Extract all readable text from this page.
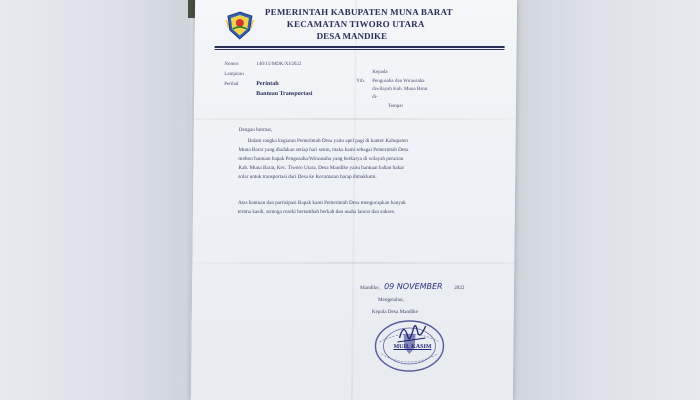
PEMERINTAH KABUPATEN MUNA BARAT
KECAMATAN TIWORO UTARA
DESA MANDIKE
Nomor	140/15/MDK/XI/2022
Lampiran
Perihal	Perintah
Bantuan Transportasi
Kepada
Yth. Pengusaha dan Wirausaha
diwilayah Kab. Muna Barat
di-
Tempat
Dengan hormat,
Dalam rangka kegiatan Pemerintah Desa yaitu apel pagi di kantor Kabupaten
Muna Barat yang diadakan setiap hari senin, maka kami sebagai Pemerintah Desa
mohon bantuan bapak Pengusaha/Wirausaha yang berkarya di wilayah perairan
Kab. Muna Barat, Kec. Tiworo Utara, Desa Mandike yaitu bantuan bahan bakar
solar untuk transportasi dari Desa ke Kecamatan harap dimaklumi.
Atas bantuan dan partisipasi Bapak kami Pemerintah Desa mengucapkan banyak
terima kasih, semoga rezeki bertambah berkah dan usaha lancar dan sukses.
Mandike, 09 NOVEMBER 2022
Mengetahui,
Kepala Desa Mandike
MUH. KASIM
